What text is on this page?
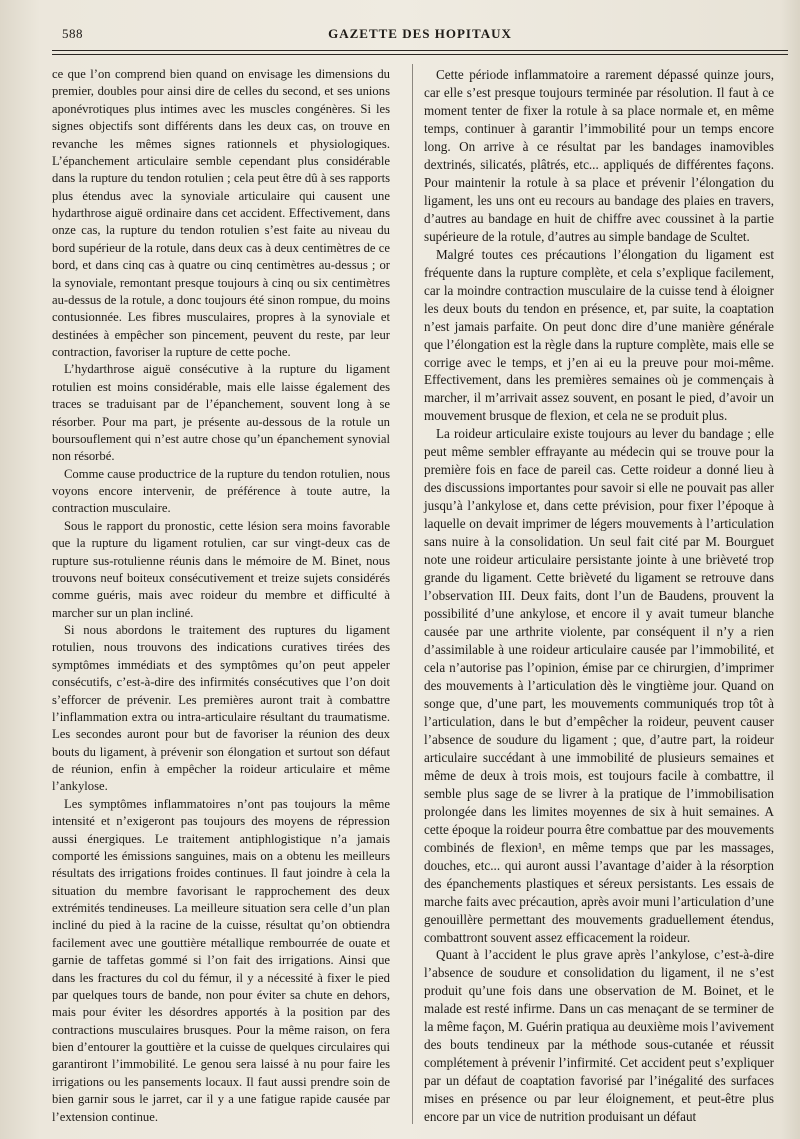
588	GAZETTE DES HOPITAUX

ce que l’on comprend bien quand on envisage les dimensions du premier, doubles pour ainsi dire de celles du second, et ses unions aponévrotiques plus intimes avec les muscles congénères. Si les signes objectifs sont différents dans les deux cas, on trouve en revanche les mêmes signes rationnels et physiologiques. L’épanchement articulaire semble cependant plus considérable dans la rupture du tendon rotulien ; cela peut être dû à ses rapports plus étendus avec la synoviale articulaire qui causent une hydarthrose aiguë ordinaire dans cet accident. Effectivement, dans onze cas, la rupture du tendon rotulien s’est faite au niveau du bord supérieur de la rotule, dans deux cas à deux centimètres de ce bord, et dans cinq cas à quatre ou cinq centimètres au-dessus ; or la synoviale, remontant presque toujours à cinq ou six centimètres au-dessus de la rotule, a donc toujours été sinon rompue, du moins contusionnée. Les fibres musculaires, propres à la synoviale et destinées à empêcher son pincement, peuvent du reste, par leur contraction, favoriser la rupture de cette poche.

L’hydarthrose aiguë consécutive à la rupture du ligament rotulien est moins considérable, mais elle laisse également des traces se traduisant par de l’épanchement, souvent long à se résorber. Pour ma part, je présente au-dessous de la rotule un boursouflement qui n’est autre chose qu’un épanchement synovial non résorbé.

Comme cause productrice de la rupture du tendon rotulien, nous voyons encore intervenir, de préférence à toute autre, la contraction musculaire.

Sous le rapport du pronostic, cette lésion sera moins favorable que la rupture du ligament rotulien, car sur vingt-deux cas de rupture sus-rotulienne réunis dans le mémoire de M. Binet, nous trouvons neuf boiteux consécutivement et treize sujets considérés comme guéris, mais avec roideur du membre et difficulté à marcher sur un plan incliné.

Si nous abordons le traitement des ruptures du ligament rotulien, nous trouvons des indications curatives tirées des symptômes immédiats et des symptômes qu’on peut appeler consécutifs, c’est-à-dire des infirmités consécutives que l’on doit s’efforcer de prévenir. Les premières auront trait à combattre l’inflammation extra ou intra-articulaire résultant du traumatisme. Les secondes auront pour but de favoriser la réunion des deux bouts du ligament, à prévenir son élongation et surtout son défaut de réunion, enfin à empêcher la roideur articulaire et même l’ankylose.

Les symptômes inflammatoires n’ont pas toujours la même intensité et n’exigeront pas toujours des moyens de répression aussi énergiques. Le traitement antiphlogistique n’a jamais comporté les émissions sanguines, mais on a obtenu les meilleurs résultats des irrigations froides continues. Il faut joindre à cela la situation du membre favorisant le rapprochement des deux extrémités tendineuses. La meilleure situation sera celle d’un plan incliné du pied à la racine de la cuisse, résultat qu’on obtiendra facilement avec une gouttière métallique rembourrée de ouate et garnie de taffetas gommé si l’on fait des irrigations. Ainsi que dans les fractures du col du fémur, il y a nécessité à fixer le pied par quelques tours de bande, non pour éviter sa chute en dehors, mais pour éviter les désordres apportés à la position par des contractions musculaires brusques. Pour la même raison, on fera bien d’entourer la gouttière et la cuisse de quelques circulaires qui garantiront l’immobilité. Le genou sera laissé à nu pour faire les irrigations ou les pansements locaux. Il faut aussi prendre soin de bien garnir sous le jarret, car il y a une fatigue rapide causée par l’extension continue.

Cette période inflammatoire a rarement dépassé quinze jours, car elle s’est presque toujours terminée par résolution. Il faut à ce moment tenter de fixer la rotule à sa place normale et, en même temps, continuer à garantir l’immobilité pour un temps encore long. On arrive à ce résultat par les bandages inamovibles dextrinés, silicatés, plâtrés, etc... appliqués de différentes façons. Pour maintenir la rotule à sa place et prévenir l’élongation du ligament, les uns ont eu recours au bandage des plaies en travers, d’autres au bandage en huit de chiffre avec coussinet à la partie supérieure de la rotule, d’autres au simple bandage de Scultet.

Malgré toutes ces précautions l’élongation du ligament est fréquente dans la rupture complète, et cela s’explique facilement, car la moindre contraction musculaire de la cuisse tend à éloigner les deux bouts du tendon en présence, et, par suite, la coaptation n’est jamais parfaite. On peut donc dire d’une manière générale que l’élongation est la règle dans la rupture complète, mais elle se corrige avec le temps, et j’en ai eu la preuve pour moi-même. Effectivement, dans les premières semaines où je commençais à marcher, il m’arrivait assez souvent, en posant le pied, d’avoir un mouvement brusque de flexion, et cela ne se produit plus.

La roideur articulaire existe toujours au lever du bandage ; elle peut même sembler effrayante au médecin qui se trouve pour la première fois en face de pareil cas. Cette roideur a donné lieu à des discussions importantes pour savoir si elle ne pouvait pas aller jusqu’à l’ankylose et, dans cette prévision, pour fixer l’époque à laquelle on devait imprimer de légers mouvements à l’articulation sans nuire à la consolidation. Un seul fait cité par M. Bourguet note une roideur articulaire persistante jointe à une brièveté trop grande du ligament. Cette brièveté du ligament se retrouve dans l’observation III. Deux faits, dont l’un de Baudens, prouvent la possibilité d’une ankylose, et encore il y avait tumeur blanche causée par une arthrite violente, par conséquent il n’y a rien d’assimilable à une roideur articulaire causée par l’immobilité, et cela n’autorise pas l’opinion, émise par ce chirurgien, d’imprimer des mouvements à l’articulation dès le vingtième jour. Quand on songe que, d’une part, les mouvements communiqués trop tôt à l’articulation, dans le but d’empêcher la roideur, peuvent causer l’absence de soudure du ligament ; que, d’autre part, la roideur articulaire succédant à une immobilité de plusieurs semaines et même de deux à trois mois, est toujours facile à combattre, il semble plus sage de se livrer à la pratique de l’immobilisation prolongée dans les limites moyennes de six à huit semaines. A cette époque la roideur pourra être combattue par des mouvements combinés de flexion¹, en même temps que par les massages, douches, etc... qui auront aussi l’avantage d’aider à la résorption des épanchements plastiques et séreux persistants. Les essais de marche faits avec précaution, après avoir muni l’articulation d’une genouillère permettant des mouvements graduellement étendus, combattront souvent assez efficacement la roideur.

Quant à l’accident le plus grave après l’ankylose, c’est-à-dire l’absence de soudure et consolidation du ligament, il ne s’est produit qu’une fois dans une observation de M. Boinet, et le malade est resté infirme. Dans un cas menaçant de se terminer de la même façon, M. Guérin pratiqua au deuxième mois l’avivement des bouts tendineux par la méthode sous-cutanée et réussit complétement à prévenir l’infirmité. Cet accident peut s’expliquer par un défaut de coaptation favorisé par l’inégalité des surfaces mises en présence ou par leur éloignement, et peut-être plus encore par un vice de nutrition produisant un défaut
